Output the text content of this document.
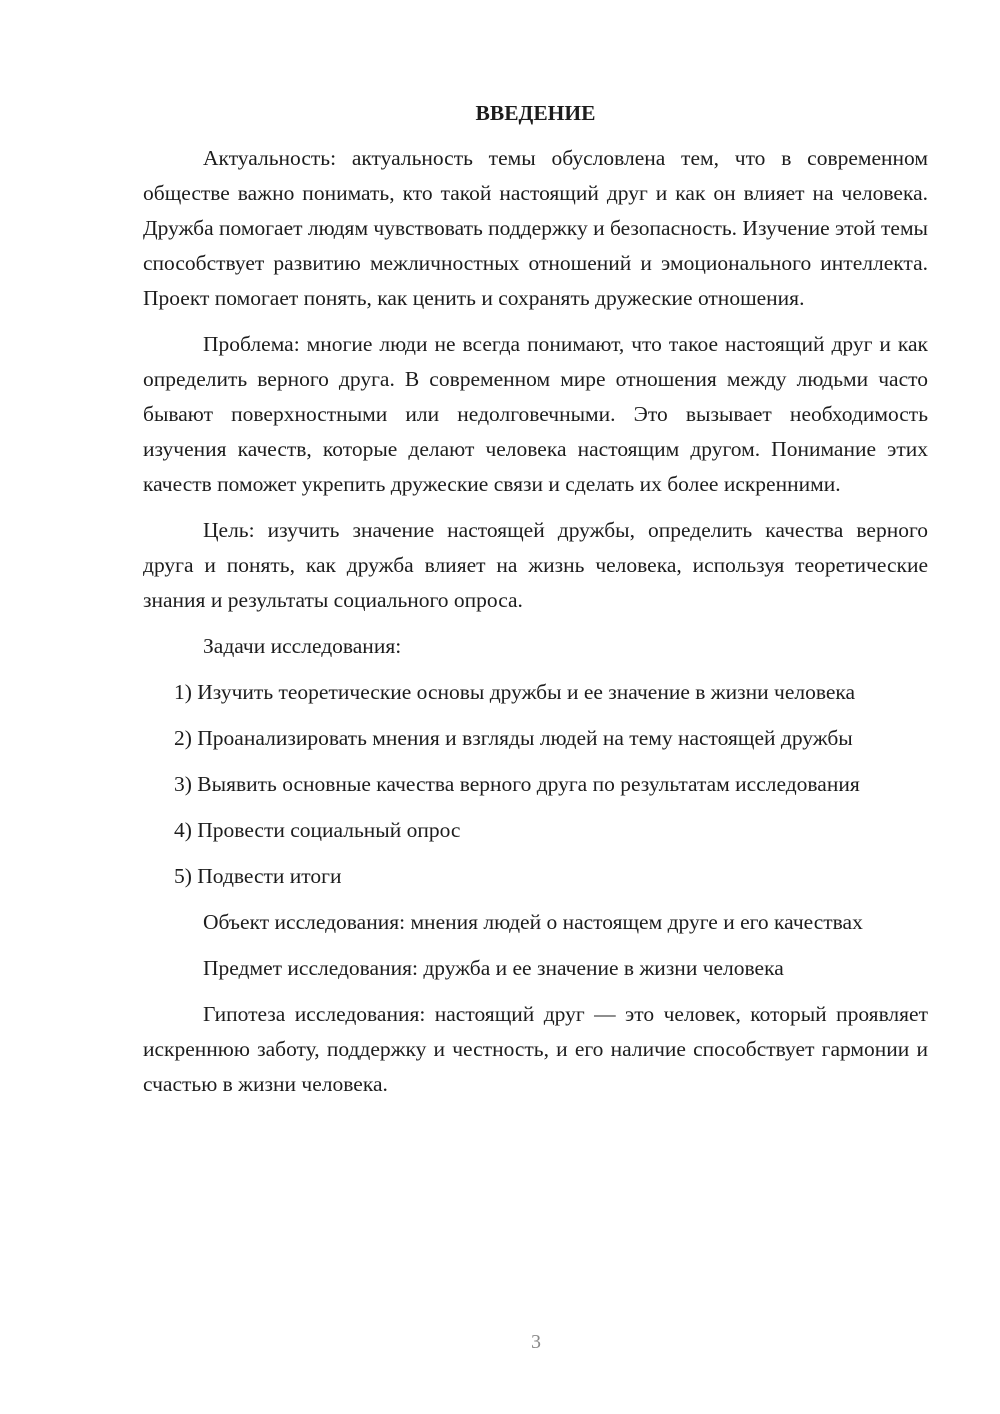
ВВЕДЕНИЕ

Актуальность: актуальность темы обусловлена тем, что в современном обществе важно понимать, кто такой настоящий друг и как он влияет на человека. Дружба помогает людям чувствовать поддержку и безопасность. Изучение этой темы способствует развитию межличностных отношений и эмоционального интеллекта. Проект помогает понять, как ценить и сохранять дружеские отношения.

Проблема: многие люди не всегда понимают, что такое настоящий друг и как определить верного друга. В современном мире отношения между людьми часто бывают поверхностными или недолговечными. Это вызывает необходимость изучения качеств, которые делают человека настоящим другом. Понимание этих качеств поможет укрепить дружеские связи и сделать их более искренними.

Цель: изучить значение настоящей дружбы, определить качества верного друга и понять, как дружба влияет на жизнь человека, используя теоретические знания и результаты социального опроса.

Задачи исследования:

1) Изучить теоретические основы дружбы и ее значение в жизни человека

2) Проанализировать мнения и взгляды людей на тему настоящей дружбы

3) Выявить основные качества верного друга по результатам исследования

4) Провести социальный опрос

5) Подвести итоги

Объект исследования: мнения людей о настоящем друге и его качествах

Предмет исследования: дружба и ее значение в жизни человека

Гипотеза исследования: настоящий друг — это человек, который проявляет искреннюю заботу, поддержку и честность, и его наличие способствует гармонии и счастью в жизни человека.

3
